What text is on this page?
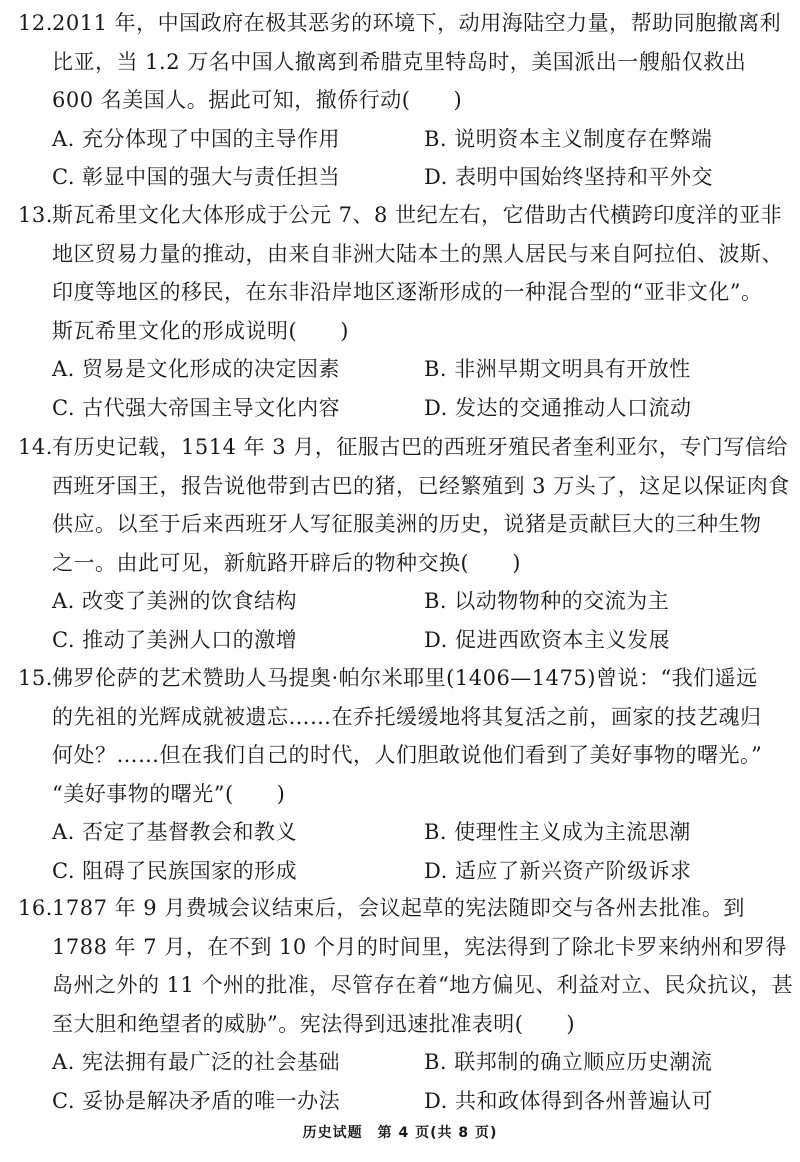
12.2011 年，中国政府在极其恶劣的环境下，动用海陆空力量，帮助同胞撤离利
比亚，当 1.2 万名中国人撤离到希腊克里特岛时，美国派出一艘船仅救出
600 名美国人。据此可知，撤侨行动(　　)
A. 充分体现了中国的主导作用	B. 说明资本主义制度存在弊端
C. 彰显中国的强大与责任担当	D. 表明中国始终坚持和平外交
13.斯瓦希里文化大体形成于公元 7、8 世纪左右，它借助古代横跨印度洋的亚非
地区贸易力量的推动，由来自非洲大陆本土的黑人居民与来自阿拉伯、波斯、
印度等地区的移民，在东非沿岸地区逐渐形成的一种混合型的“亚非文化”。
斯瓦希里文化的形成说明(　　)
A. 贸易是文化形成的决定因素	B. 非洲早期文明具有开放性
C. 古代强大帝国主导文化内容	D. 发达的交通推动人口流动
14.有历史记载，1514 年 3 月，征服古巴的西班牙殖民者奎利亚尔，专门写信给
西班牙国王，报告说他带到古巴的猪，已经繁殖到 3 万头了，这足以保证肉食
供应。以至于后来西班牙人写征服美洲的历史，说猪是贡献巨大的三种生物
之一。由此可见，新航路开辟后的物种交换(　　)
A. 改变了美洲的饮食结构	B. 以动物物种的交流为主
C. 推动了美洲人口的激增	D. 促进西欧资本主义发展
15.佛罗伦萨的艺术赞助人马提奥·帕尔米耶里(1406—1475)曾说：“我们遥远
的先祖的光辉成就被遗忘……在乔托缓缓地将其复活之前，画家的技艺魂归
何处？……但在我们自己的时代，人们胆敢说他们看到了美好事物的曙光。”
“美好事物的曙光”(　　)
A. 否定了基督教会和教义	B. 使理性主义成为主流思潮
C. 阻碍了民族国家的形成	D. 适应了新兴资产阶级诉求
16.1787 年 9 月费城会议结束后，会议起草的宪法随即交与各州去批准。到
1788 年 7 月，在不到 10 个月的时间里，宪法得到了除北卡罗来纳州和罗得
岛州之外的 11 个州的批准，尽管存在着“地方偏见、利益对立、民众抗议，甚
至大胆和绝望者的威胁”。宪法得到迅速批准表明(　　)
A. 宪法拥有最广泛的社会基础	B. 联邦制的确立顺应历史潮流
C. 妥协是解决矛盾的唯一办法	D. 共和政体得到各州普遍认可
历史试题　第 4 页(共 8 页)
